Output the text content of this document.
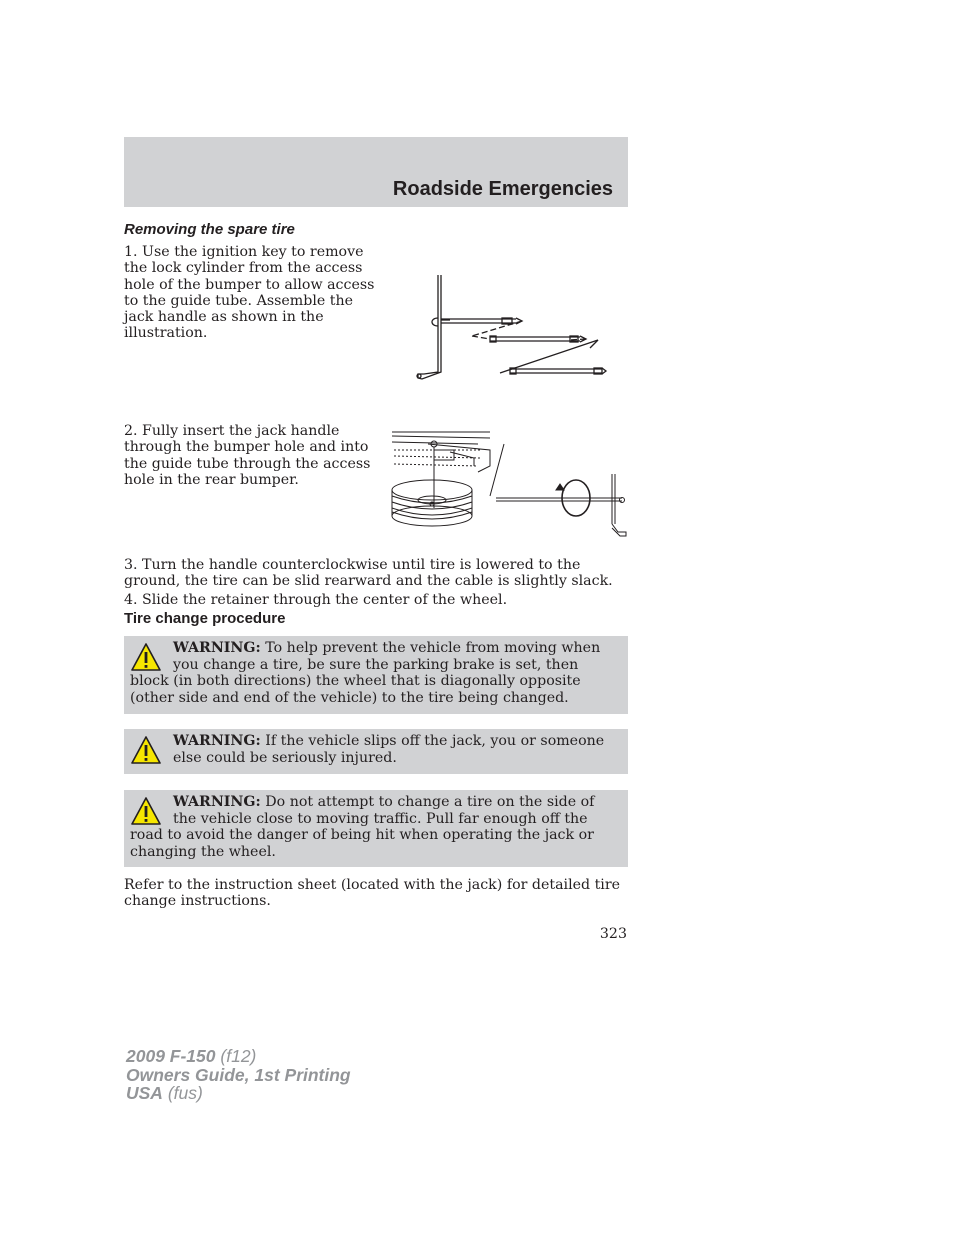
Roadside Emergencies
Removing the spare tire
1. Use the ignition key to remove the lock cylinder from the access hole of the bumper to allow access to the guide tube. Assemble the jack handle as shown in the illustration.
2. Fully insert the jack handle through the bumper hole and into the guide tube through the access hole in the rear bumper.
3. Turn the handle counterclockwise until tire is lowered to the ground, the tire can be slid rearward and the cable is slightly slack.
4. Slide the retainer through the center of the wheel.
Tire change procedure
WARNING: To help prevent the vehicle from moving when you change a tire, be sure the parking brake is set, then block (in both directions) the wheel that is diagonally opposite (other side and end of the vehicle) to the tire being changed.
WARNING: If the vehicle slips off the jack, you or someone else could be seriously injured.
WARNING: Do not attempt to change a tire on the side of the vehicle close to moving traffic. Pull far enough off the road to avoid the danger of being hit when operating the jack or changing the wheel.
Refer to the instruction sheet (located with the jack) for detailed tire change instructions.
323
2009 F-150 (f12)
Owners Guide, 1st Printing
USA (fus)
